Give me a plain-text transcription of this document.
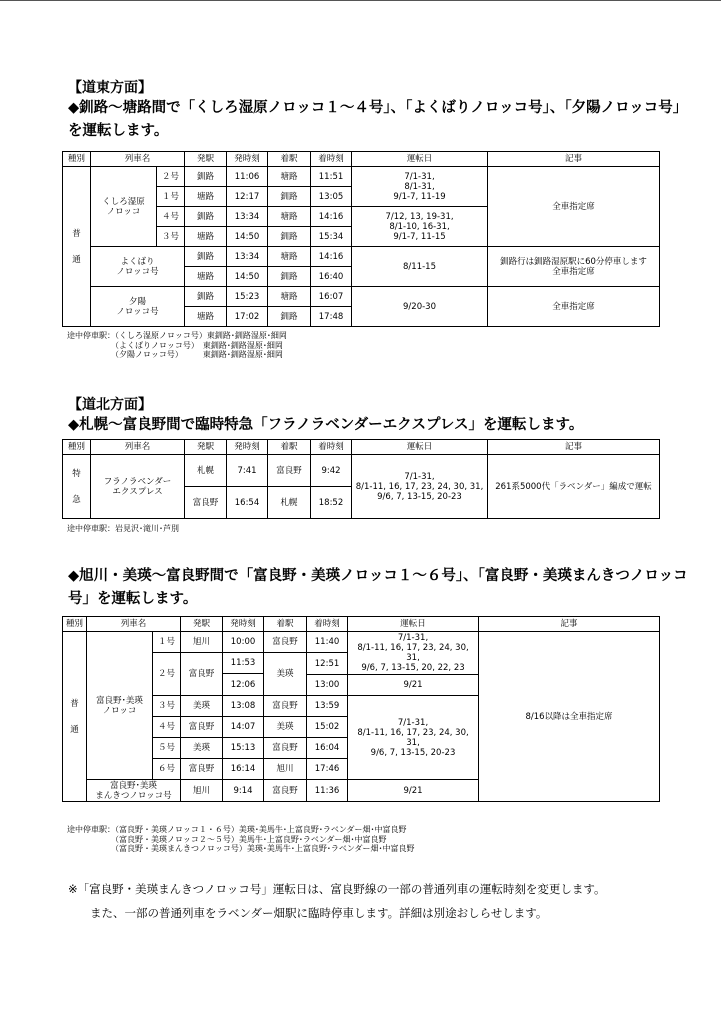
【道東方面】
◆釧路～塘路間で「くしろ湿原ノロッコ１～４号」、「よくばりノロッコ号」、「夕陽ノロッコ号」を運転します。
種別	列車名		発駅	発時刻	着駅	着時刻	運転日	記事

普
通	くしろ湿原
ノロッコ	２号	釧路	11:06	塘路	11:51	7/1-31,
8/1-31,
9/1-7, 11-19	全車指定席
		１号	塘路	12:17	釧路	13:05		
		４号	釧路	13:34	塘路	14:16	7/12, 13, 19-31,
8/1-10, 16-31,
9/1-7, 11-15	
		３号	塘路	14:50	釧路	15:34		
	よくばり
ノロッコ号		釧路	13:34	塘路	14:16	8/11-15	釧路行は釧路湿原駅に60分停車します
全車指定席
			塘路	14:50	釧路	16:40		
	夕陽
ノロッコ号		釧路	15:23	塘路	16:07	9/20-30	全車指定席
			塘路	17:02	釧路	17:48		
途中停車駅：（くしろ湿原ノロッコ号）東釧路･釧路湿原･細岡
　　　　　　（よくばりノロッコ号）　東釧路･釧路湿原･細岡
　　　　　　（夕陽ノロッコ号）　　　東釧路･釧路湿原･細岡
【道北方面】
◆札幌～富良野間で臨時特急「フラノラベンダーエクスプレス」を運転します。
種別	列車名	発駅	発時刻	着駅	着時刻	運転日	記事

特
急	フラノラベンダー
エクスプレス	札幌	7:41	富良野	9:42	7/1-31,
8/1-11, 16, 17, 23, 24, 30, 31,
9/6, 7, 13-15, 20-23	261系5000代「ラベンダー」編成で運転
		富良野	16:54	札幌	18:52		
途中停車駅：岩見沢･滝川･芦別
◆旭川・美瑛～富良野間で「富良野・美瑛ノロッコ１～６号」、「富良野・美瑛まんきつノロッコ号」を運転します。
種別	列車名		発駅	発時刻	着駅	着時刻	運転日	記事

普
通	富良野･美瑛
ノロッコ	１号	旭川	10:00	富良野	11:40	7/1-31,
8/1-11, 16, 17, 23, 24, 30, 31,
9/6, 7, 13-15, 20, 22, 23	8/16以降は全車指定席
		２号	富良野	11:53	美瑛	12:51		
				12:06				
						13:00	9/21	
		３号	美瑛	13:08	富良野	13:59	7/1-31,
8/1-11, 16, 17, 23, 24, 30, 31,
9/6, 7, 13-15, 20-23	
		４号	富良野	14:07	美瑛	15:02		
		５号	美瑛	15:13	富良野	16:04		
		６号	富良野	16:14	旭川	17:46		
	富良野･美瑛
まんきつノロッコ号		旭川	9:14	富良野	11:36	9/21	
途中停車駅：（富良野・美瑛ノロッコ１・６号）美瑛･美馬牛･上富良野･ラベンダー畑･中富良野
　　　　　　（富良野・美瑛ノロッコ２～５号）美馬牛･上富良野･ラベンダー畑･中富良野
　　　　　　（富良野・美瑛まんきつノロッコ号）美瑛･美馬牛･上富良野･ラベンダー畑･中富良野
※「富良野・美瑛まんきつノロッコ号」運転日は、富良野線の一部の普通列車の運転時刻を変更します。
また、一部の普通列車をラベンダー畑駅に臨時停車します。詳細は別途おしらせします。
